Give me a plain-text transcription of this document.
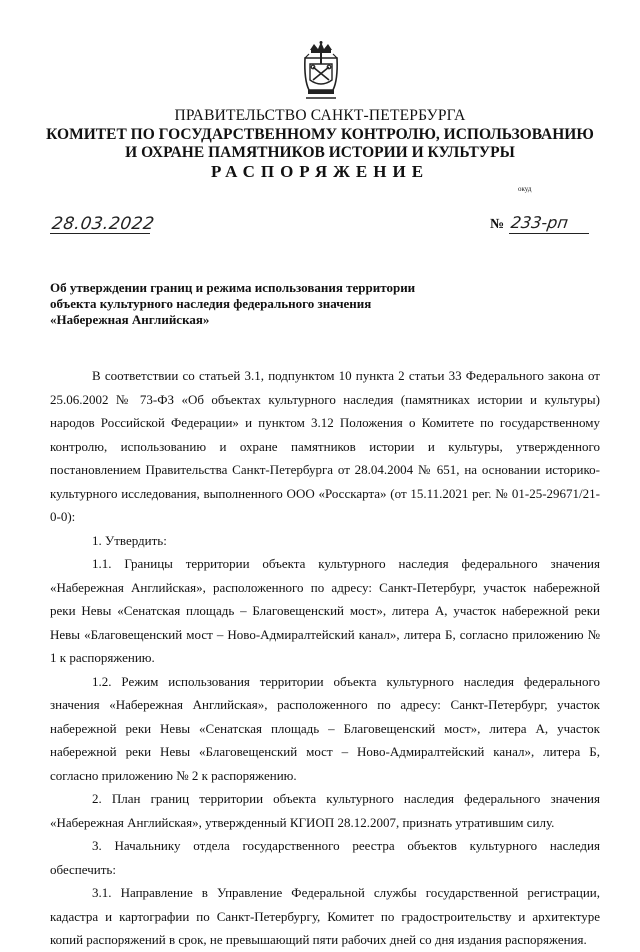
ПРАВИТЕЛЬСТВО САНКТ-ПЕТЕРБУРГА
КОМИТЕТ ПО ГОСУДАРСТВЕННОМУ КОНТРОЛЮ, ИСПОЛЬЗОВАНИЮ
И ОХРАНЕ ПАМЯТНИКОВ ИСТОРИИ И КУЛЬТУРЫ
РАСПОРЯЖЕНИЕ
окуд
28.03.2022	№ 233-рп
Об утверждении границ и режима использования территории
объекта культурного наследия федерального значения
«Набережная Английская»

В соответствии со статьей 3.1, подпунктом 10 пункта 2 статьи 33 Федерального закона от 25.06.2002 № 73-ФЗ «Об объектах культурного наследия (памятниках истории и культуры) народов Российской Федерации» и пунктом 3.12 Положения о Комитете по государственному контролю, использованию и охране памятников истории и культуры, утвержденного постановлением Правительства Санкт-Петербурга от 28.04.2004 № 651, на основании историко-культурного исследования, выполненного ООО «Росскарта» (от 15.11.2021 рег. № 01-25-29671/21-0-0):

1. Утвердить:

1.1. Границы территории объекта культурного наследия федерального значения «Набережная Английская», расположенного по адресу: Санкт-Петербург, участок набережной реки Невы «Сенатская площадь – Благовещенский мост», литера А, участок набережной реки Невы «Благовещенский мост – Ново-Адмиралтейский канал», литера Б, согласно приложению № 1 к распоряжению.

1.2. Режим использования территории объекта культурного наследия федерального значения «Набережная Английская», расположенного по адресу: Санкт-Петербург, участок набережной реки Невы «Сенатская площадь – Благовещенский мост», литера А, участок набережной реки Невы «Благовещенский мост – Ново-Адмиралтейский канал», литера Б, согласно приложению № 2 к распоряжению.

2. План границ территории объекта культурного наследия федерального значения «Набережная Английская», утвержденный КГИОП 28.12.2007, признать утратившим силу.

3. Начальнику отдела государственного реестра объектов культурного наследия обеспечить:

3.1. Направление в Управление Федеральной службы государственной регистрации, кадастра и картографии по Санкт-Петербургу, Комитет по градостроительству и архитектуре копий распоряжений в срок, не превышающий пяти рабочих дней со дня издания распоряжения.
